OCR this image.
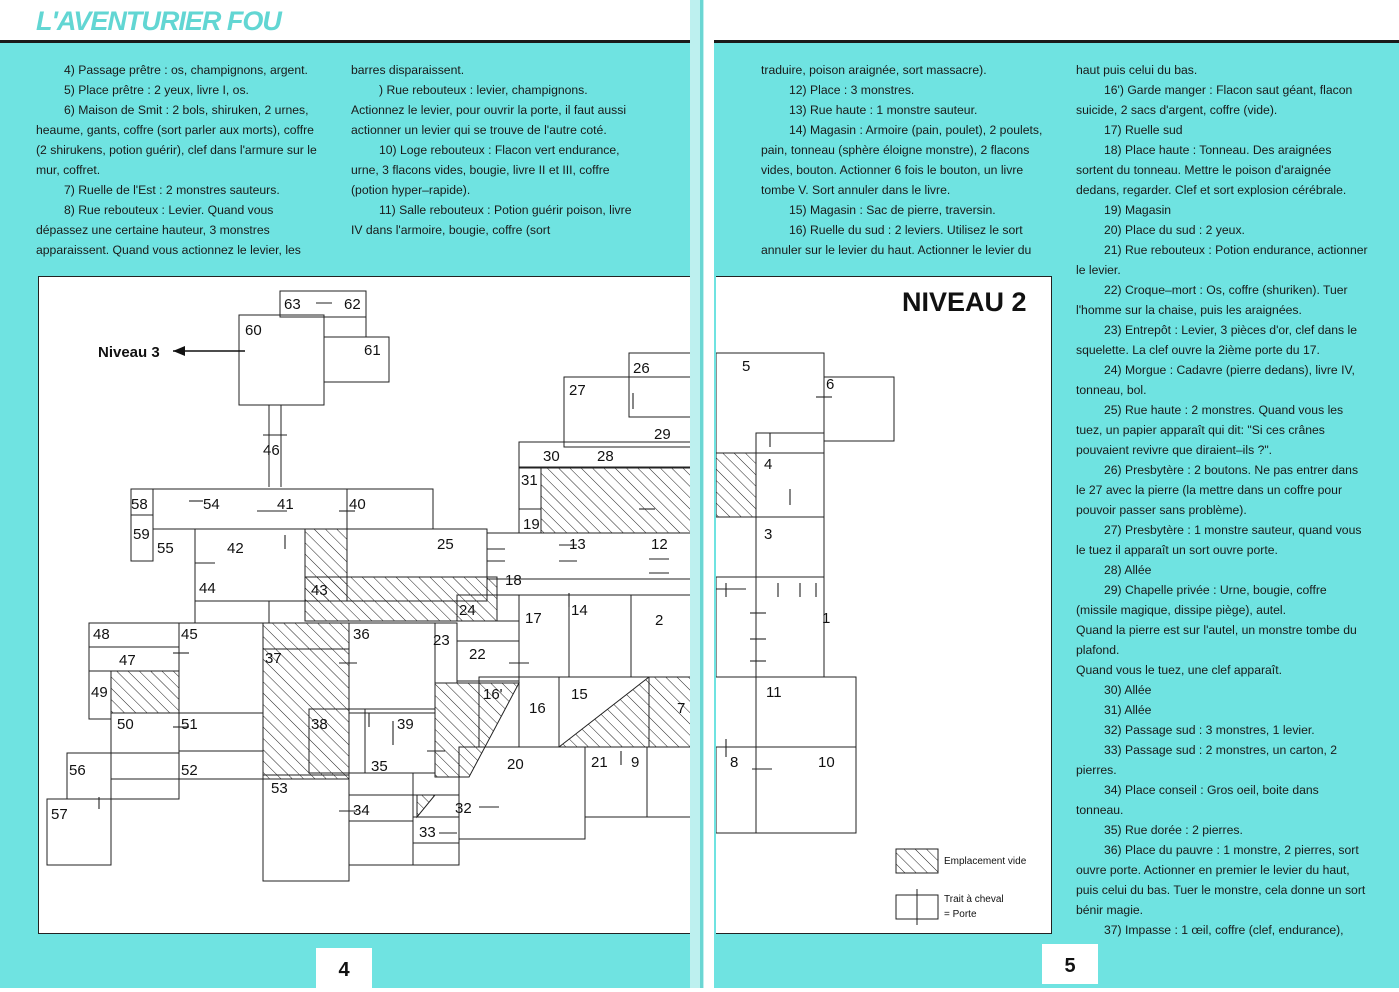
L'AVENTURIER FOU

4) Passage prêtre : os, champignons, argent.

5) Place prêtre : 2 yeux, livre I, os.

6) Maison de Smit : 2 bols, shiruken, 2 urnes, heaume, gants, coffre (sort parler aux morts), coffre (2 shirukens, potion guérir), clef dans l'armure sur le mur, coffret.

7) Ruelle de l'Est : 2 monstres sauteurs.

8) Rue rebouteux : Levier. Quand vous dépassez une certaine hauteur, 3 monstres apparaissent. Quand vous actionnez le levier, les

barres disparaissent.

) Rue rebouteux : levier, champignons. Actionnez le levier, pour ouvrir la porte, il faut aussi actionner un levier qui se trouve de l'autre coté.

10) Loge rebouteux : Flacon vert endurance, urne, 3 flacons vides, bougie, livre II et III, coffre (potion hyper–rapide).

11) Salle rebouteux : Potion guérir poison, livre IV dans l'armoire, bougie, coffre (sort

Niveau 3
63	62
60
61
27
26
29
46	30 28
31
58	54	41	40
59
55	42
19
13	12
25
18
44	43
24	17 14
2
48	45	36	23
22
47	37
49	16'
16
15
7
50	51	38	39
35	20	21 9
56	52
53
34	32
57
33
4

traduire, poison araignée, sort massacre).

12) Place : 3 monstres.

13) Rue haute : 1 monstre sauteur.

14) Magasin : Armoire (pain, poulet), 2 poulets, pain, tonneau (sphère éloigne monstre), 2 flacons vides, bouton. Actionner 6 fois le bouton, un livre tombe V. Sort annuler dans le livre.

15) Magasin : Sac de pierre, traversin.

16) Ruelle du sud : 2 leviers. Utilisez le sort annuler sur le levier du haut. Actionner le levier du

haut puis celui du bas.

16') Garde manger : Flacon saut géant, flacon suicide, 2 sacs d'argent, coffre (vide).

17) Ruelle sud

18) Place haute : Tonneau. Des araignées sortent du tonneau. Mettre le poison d'araignée dedans, regarder. Clef et sort explosion cérébrale.

19) Magasin

20) Place du sud : 2 yeux.

21) Rue rebouteux : Potion endurance, actionner le levier.

22) Croque–mort : Os, coffre (shuriken). Tuer l'homme sur la chaise, puis les araignées.

23) Entrepôt : Levier, 3 pièces d'or, clef dans le squelette. La clef ouvre la 2ième porte du 17.

24) Morgue : Cadavre (pierre dedans), livre IV, tonneau, bol.

25) Rue haute : 2 monstres. Quand vous les tuez, un papier apparaît qui dit: "Si ces crânes pouvaient revivre que diraient–ils ?".

26) Presbytère : 2 boutons. Ne pas entrer dans le 27 avec la pierre (la mettre dans un coffre pour pouvoir passer sans problème).

27) Presbytère : 1 monstre sauteur, quand vous le tuez il apparaît un sort ouvre porte.

28) Allée

29) Chapelle privée : Urne, bougie, coffre (missile magique, dissipe piège), autel.

Quand la pierre est sur l'autel, un monstre tombe du plafond.

Quand vous le tuez, une clef apparaît.

30) Allée

31) Allée

32) Passage sud : 3 monstres, 1 levier.

33) Passage sud : 2 monstres, un carton, 2 pierres.

34) Place conseil : Gros oeil, boite dans tonneau.

35) Rue dorée : 2 pierres.

36) Place du pauvre : 1 monstre, 2 pierres, sort ouvre porte. Actionner en premier le levier du haut, puis celui du bas. Tuer le monstre, cela donne un sort bénir magie.

37) Impasse : 1 œil, coffre (clef, endurance),

5
6
4
3
1
11
8	10
NIVEAU 2
Emplacement vide
Trait à cheval
= Porte
5
